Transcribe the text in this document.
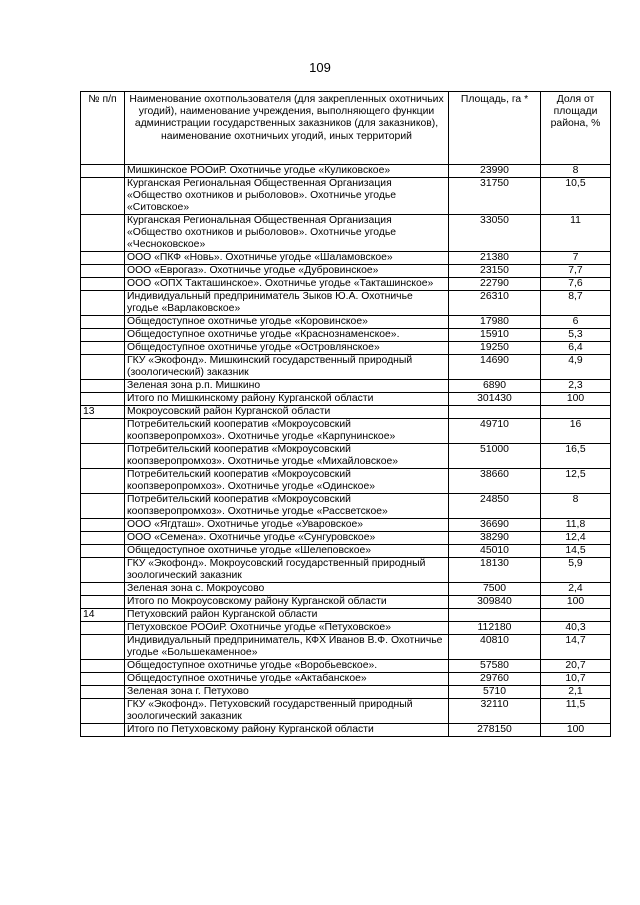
109
№ п/п	Наименование охотпользователя (для закрепленных охотничьих угодий), наименование учреждения, выполняющего функции администрации государственных заказников (для заказников), наименование охотничьих угодий, иных территорий	Площадь, га *	Доля от площади района, %
	Мишкинское РООиР. Охотничье угодье «Куликовское»	23990	8
	Курганская Региональная Общественная Организация «Общество охотников и рыболовов». Охотничье угодье «Ситовское»	31750	10,5
	Курганская Региональная Общественная Организация «Общество охотников и рыболовов». Охотничье угодье «Чесноковское»	33050	11
	ООО «ПКФ «Новь». Охотничье угодье «Шаламовское»	21380	7
	ООО «Еврогаз». Охотничье угодье «Дубровинское»	23150	7,7
	ООО «ОПХ Такташинское». Охотничье угодье «Такташинское»	22790	7,6
	Индивидуальный предприниматель Зыков Ю.А. Охотничье угодье «Варлаковское»	26310	8,7
	Общедоступное охотничье угодье «Коровинское»	17980	6
	Общедоступное охотничье угодье «Краснознаменское».	15910	5,3
	Общедоступное охотничье угодье «Островлянское»	19250	6,4
	ГКУ «Экофонд». Мишкинский государственный природный (зоологический) заказник	14690	4,9
	Зеленая зона р.п. Мишкино	6890	2,3
	Итого по Мишкинскому району Курганской области	301430	100
13	Мокроусовский район Курганской области		
	Потребительский кооператив «Мокроусовский коопзверопромхоз». Охотничье угодье «Карпунинское»	49710	16
	Потребительский кооператив «Мокроусовский коопзверопромхоз». Охотничье угодье «Михайловское»	51000	16,5
	Потребительский кооператив «Мокроусовский коопзверопромхоз». Охотничье угодье «Одинское»	38660	12,5
	Потребительский кооператив «Мокроусовский коопзверопромхоз». Охотничье угодье «Рассветское»	24850	8
	ООО «Ягдташ». Охотничье угодье «Уваровское»	36690	11,8
	ООО «Семена». Охотничье угодье «Сунгуровское»	38290	12,4
	Общедоступное охотничье угодье «Шелеповское»	45010	14,5
	ГКУ «Экофонд». Мокроусовский государственный природный зоологический заказник	18130	5,9
	Зеленая зона с. Мокроусово	7500	2,4
	Итого по Мокроусовскому району Курганской области	309840	100
14	Петуховский район Курганской области		
	Петуховское РООиР. Охотничье угодье «Петуховское»	112180	40,3
	Индивидуальный предприниматель, КФХ Иванов В.Ф. Охотничье угодье «Большекаменное»	40810	14,7
	Общедоступное охотничье угодье «Воробьевское».	57580	20,7
	Общедоступное охотничье угодье «Актабанское»	29760	10,7
	Зеленая зона г. Петухово	5710	2,1
	ГКУ «Экофонд». Петуховский государственный природный зоологический заказник	32110	11,5
	Итого по Петуховскому району Курганской области	278150	100
